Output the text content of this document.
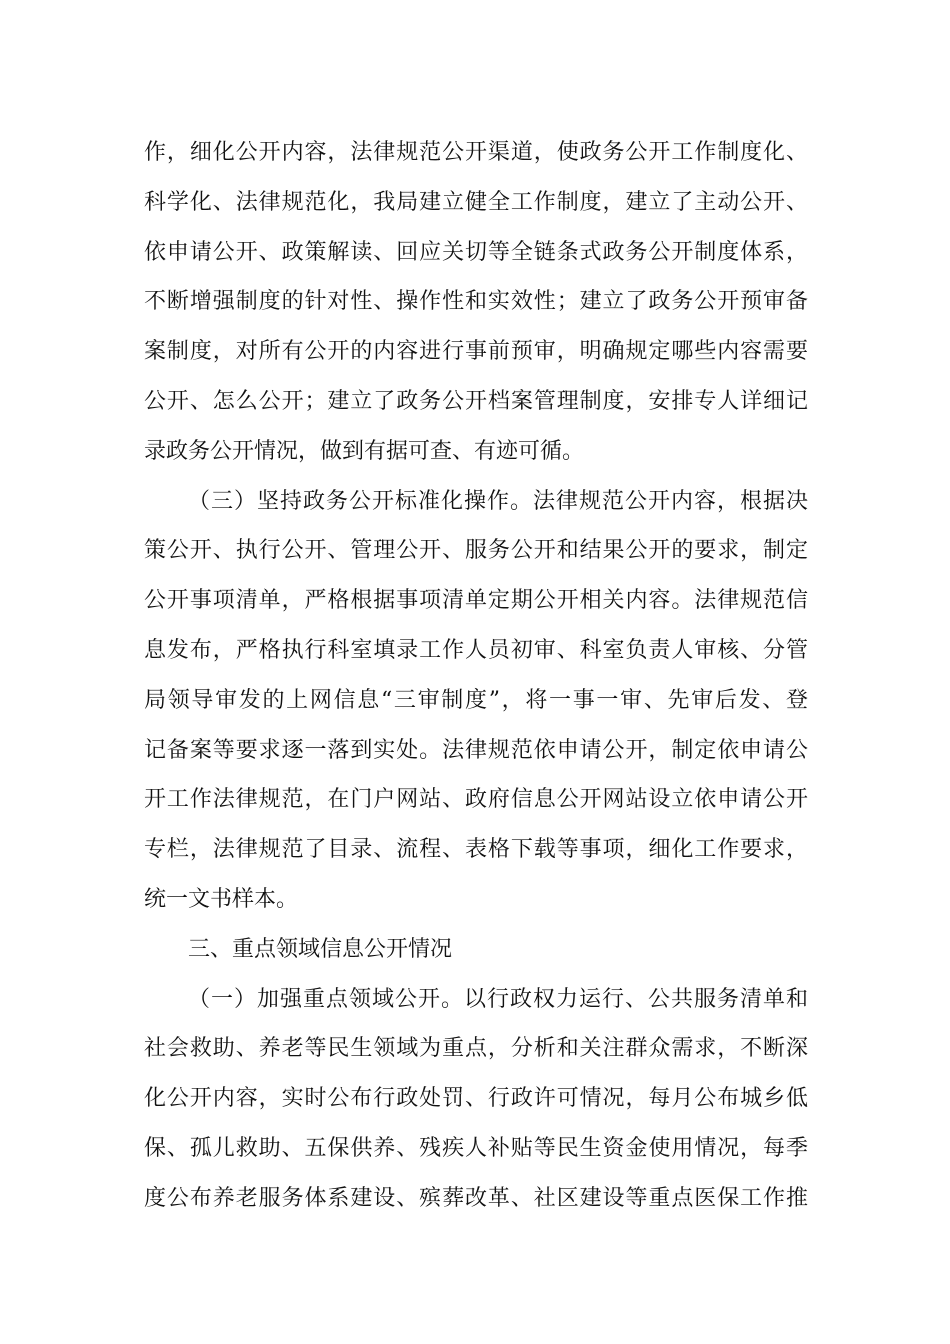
作，细化公开内容，法律规范公开渠道，使政务公开工作制度化、
科学化、法律规范化，我局建立健全工作制度，建立了主动公开、
依申请公开、政策解读、回应关切等全链条式政务公开制度体系，
不断增强制度的针对性、操作性和实效性；建立了政务公开预审备
案制度，对所有公开的内容进行事前预审，明确规定哪些内容需要
公开、怎么公开；建立了政务公开档案管理制度，安排专人详细记
录政务公开情况，做到有据可查、有迹可循。
（三）坚持政务公开标准化操作。法律规范公开内容，根据决
策公开、执行公开、管理公开、服务公开和结果公开的要求，制定
公开事项清单，严格根据事项清单定期公开相关内容。法律规范信
息发布，严格执行科室填录工作人员初审、科室负责人审核、分管
局领导审发的上网信息“三审制度”，将一事一审、先审后发、登
记备案等要求逐一落到实处。法律规范依申请公开，制定依申请公
开工作法律规范，在门户网站、政府信息公开网站设立依申请公开
专栏，法律规范了目录、流程、表格下载等事项，细化工作要求，
统一文书样本。
三、重点领域信息公开情况
（一）加强重点领域公开。以行政权力运行、公共服务清单和
社会救助、养老等民生领域为重点，分析和关注群众需求，不断深
化公开内容，实时公布行政处罚、行政许可情况，每月公布城乡低
保、孤儿救助、五保供养、残疾人补贴等民生资金使用情况，每季
度公布养老服务体系建设、殡葬改革、社区建设等重点医保工作推
